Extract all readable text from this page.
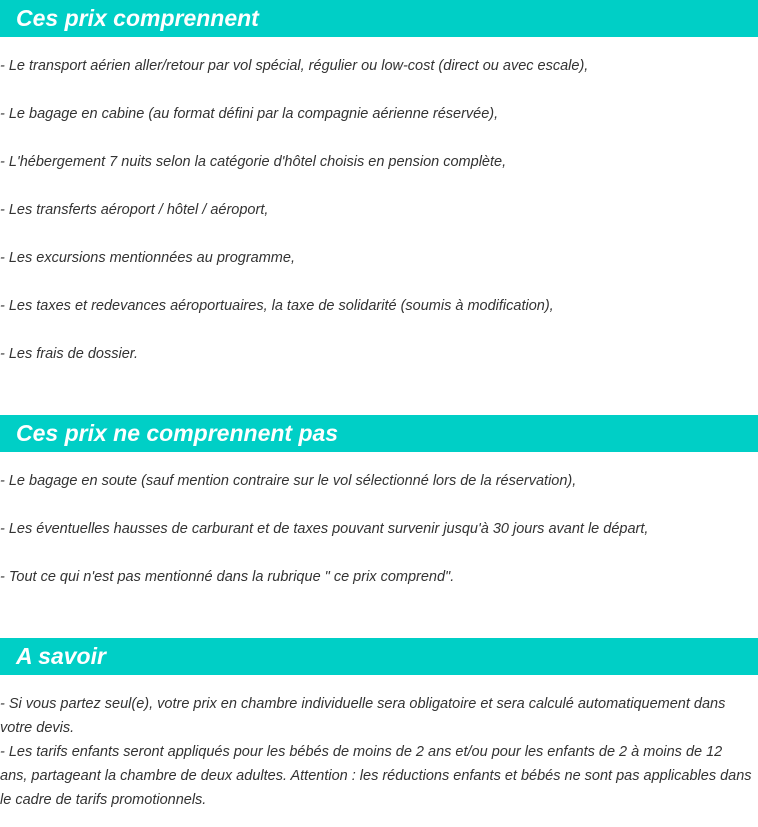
Ces prix comprennent
- Le transport aérien aller/retour par vol spécial, régulier ou low-cost (direct ou avec escale),
- Le bagage en cabine (au format défini par la compagnie aérienne réservée),
- L'hébergement 7 nuits selon la catégorie d'hôtel choisis en pension complète,
- Les transferts aéroport / hôtel / aéroport,
- Les excursions mentionnées au programme,
- Les taxes et redevances aéroportuaires, la taxe de solidarité (soumis à modification),
- Les frais de dossier.
Ces prix ne comprennent pas
- Le bagage en soute (sauf mention contraire sur le vol sélectionné lors de la réservation),
- Les éventuelles hausses de carburant et de taxes pouvant survenir jusqu'à 30 jours avant le départ,
- Tout ce qui n'est pas mentionné dans la rubrique " ce prix comprend".
A savoir
- Si vous partez seul(e), votre prix en chambre individuelle sera obligatoire et sera calculé automatiquement dans votre devis.
- Les tarifs enfants seront appliqués pour les bébés de moins de 2 ans et/ou pour les enfants de 2 à moins de 12 ans, partageant la chambre de deux adultes. Attention : les réductions enfants et bébés ne sont pas applicables dans le cadre de tarifs promotionnels.
